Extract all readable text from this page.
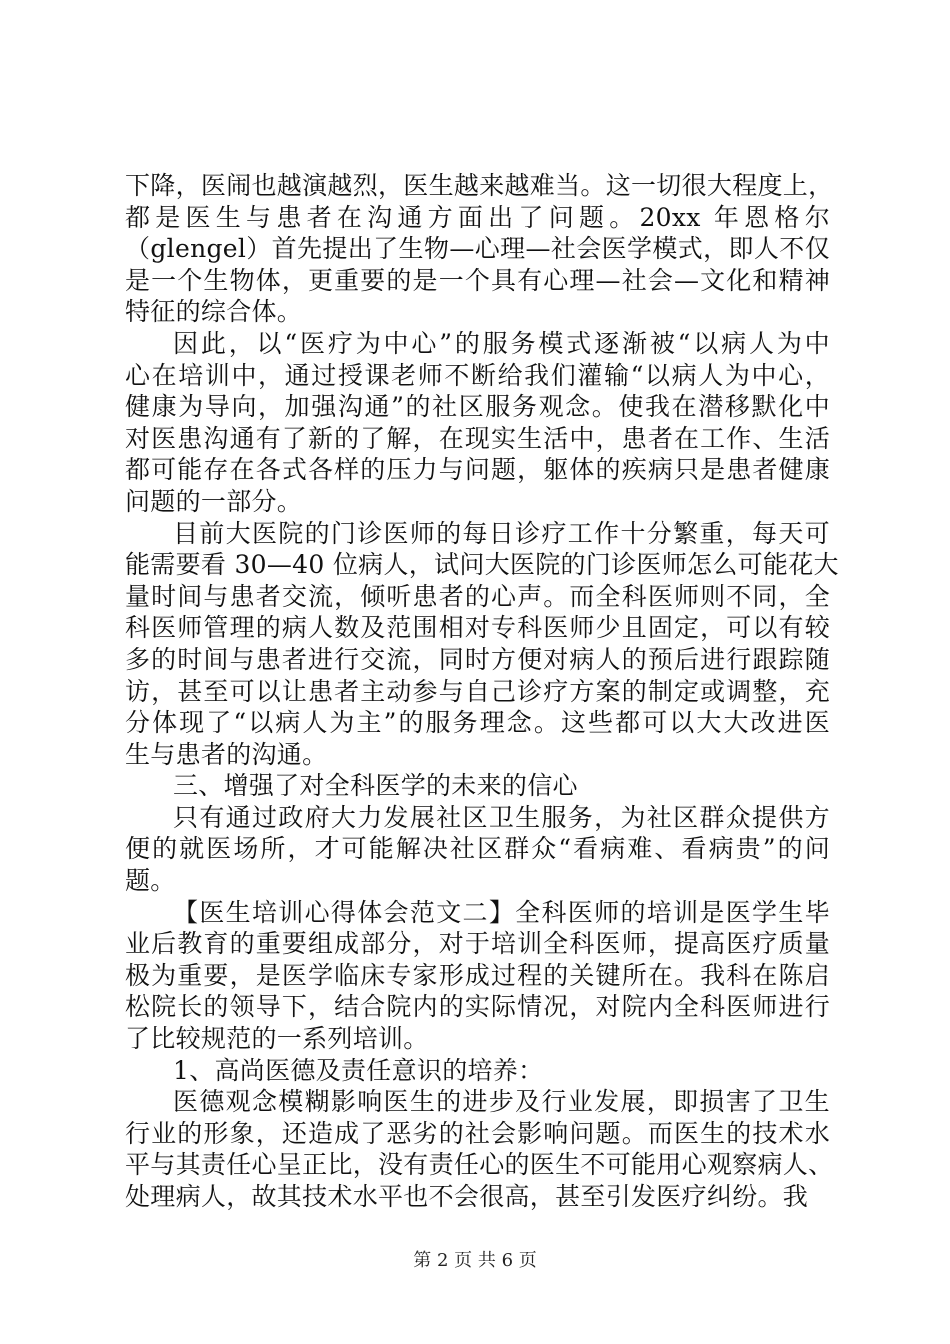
下降，医闹也越演越烈，医生越来越难当。这一切很大程度上，
都是医生与患者在沟通方面出了问题。20xx 年恩格尔
（glengel）首先提出了生物—心理—社会医学模式，即人不仅
是一个生物体，更重要的是一个具有心理—社会—文化和精神
特征的综合体。
因此，以“医疗为中心”的服务模式逐渐被“以病人为中
心在培训中，通过授课老师不断给我们灌输“以病人为中心，
健康为导向，加强沟通”的社区服务观念。使我在潜移默化中
对医患沟通有了新的了解，在现实生活中，患者在工作、生活
都可能存在各式各样的压力与问题，躯体的疾病只是患者健康
问题的一部分。
目前大医院的门诊医师的每日诊疗工作十分繁重，每天可
能需要看 30—40 位病人，试问大医院的门诊医师怎么可能花大
量时间与患者交流，倾听患者的心声。而全科医师则不同，全
科医师管理的病人数及范围相对专科医师少且固定，可以有较
多的时间与患者进行交流，同时方便对病人的预后进行跟踪随
访，甚至可以让患者主动参与自己诊疗方案的制定或调整，充
分体现了“以病人为主”的服务理念。这些都可以大大改进医
生与患者的沟通。
三、增强了对全科医学的未来的信心
只有通过政府大力发展社区卫生服务，为社区群众提供方
便的就医场所，才可能解决社区群众“看病难、看病贵”的问
题。
【医生培训心得体会范文二】全科医师的培训是医学生毕
业后教育的重要组成部分，对于培训全科医师，提高医疗质量
极为重要，是医学临床专家形成过程的关键所在。我科在陈启
松院长的领导下，结合院内的实际情况，对院内全科医师进行
了比较规范的一系列培训。
1、高尚医德及责任意识的培养：
医德观念模糊影响医生的进步及行业发展，即损害了卫生
行业的形象，还造成了恶劣的社会影响问题。而医生的技术水
平与其责任心呈正比，没有责任心的医生不可能用心观察病人、
处理病人，故其技术水平也不会很高，甚至引发医疗纠纷。我
第 2 页 共 6 页
